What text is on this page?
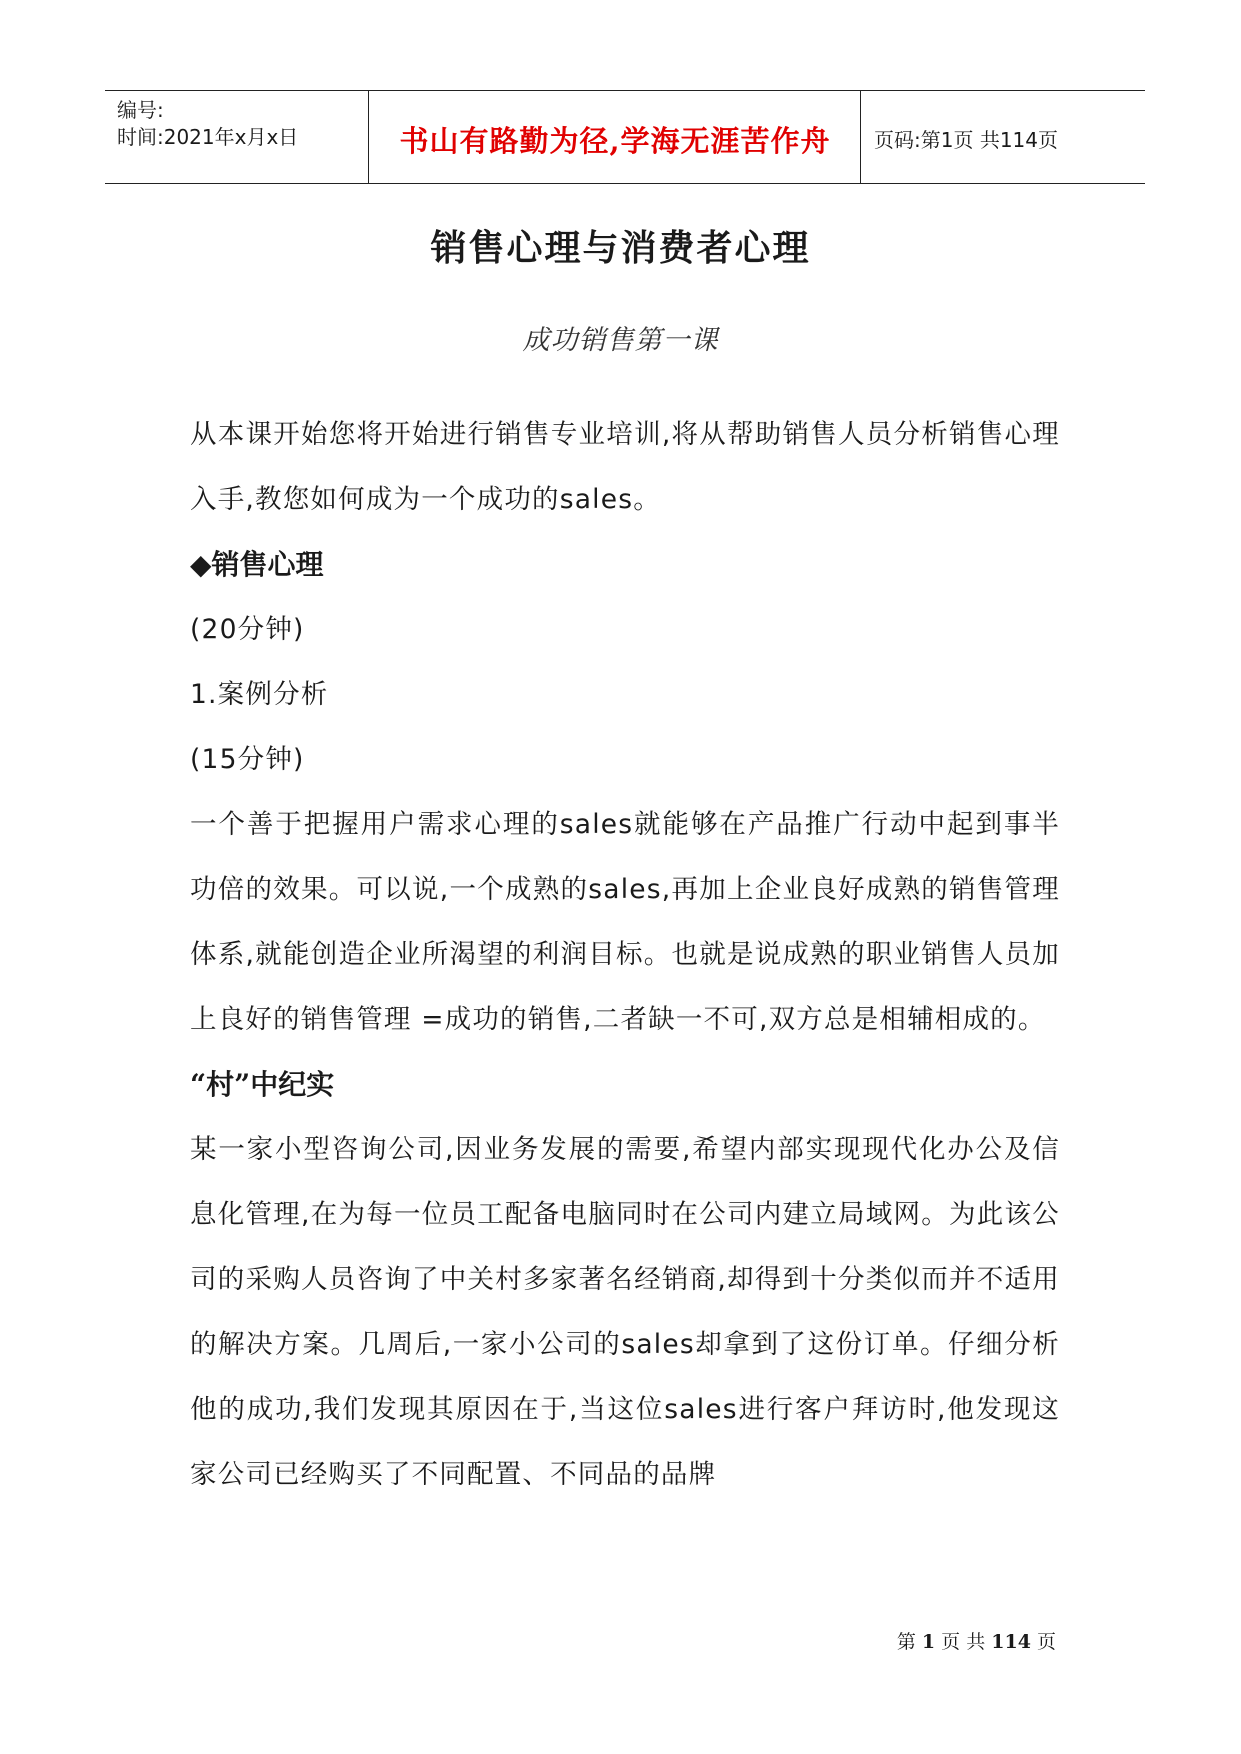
编号:
时间:2021年x月x日	书山有路勤为径,学海无涯苦作舟	页码:第1页 共114页
销售心理与消费者心理
成功销售第一课

从本课开始您将开始进行销售专业培训,将从帮助销售人员分析销售心理入手,教您如何成为一个成功的sales。

◆销售心理

(20分钟)

1.案例分析

(15分钟)

一个善于把握用户需求心理的sales就能够在产品推广行动中起到事半功倍的效果。可以说,一个成熟的sales,再加上企业良好成熟的销售管理体系,就能创造企业所渴望的利润目标。也就是说成熟的职业销售人员加上良好的销售管理 =成功的销售,二者缺一不可,双方总是相辅相成的。

“村”中纪实

某一家小型咨询公司,因业务发展的需要,希望内部实现现代化办公及信息化管理,在为每一位员工配备电脑同时在公司内建立局域网。为此该公司的采购人员咨询了中关村多家著名经销商,却得到十分类似而并不适用的解决方案。几周后,一家小公司的sales却拿到了这份订单。仔细分析他的成功,我们发现其原因在于,当这位sales进行客户拜访时,他发现这家公司已经购买了不同配置、不同品的品牌

第 1 页 共 114 页
